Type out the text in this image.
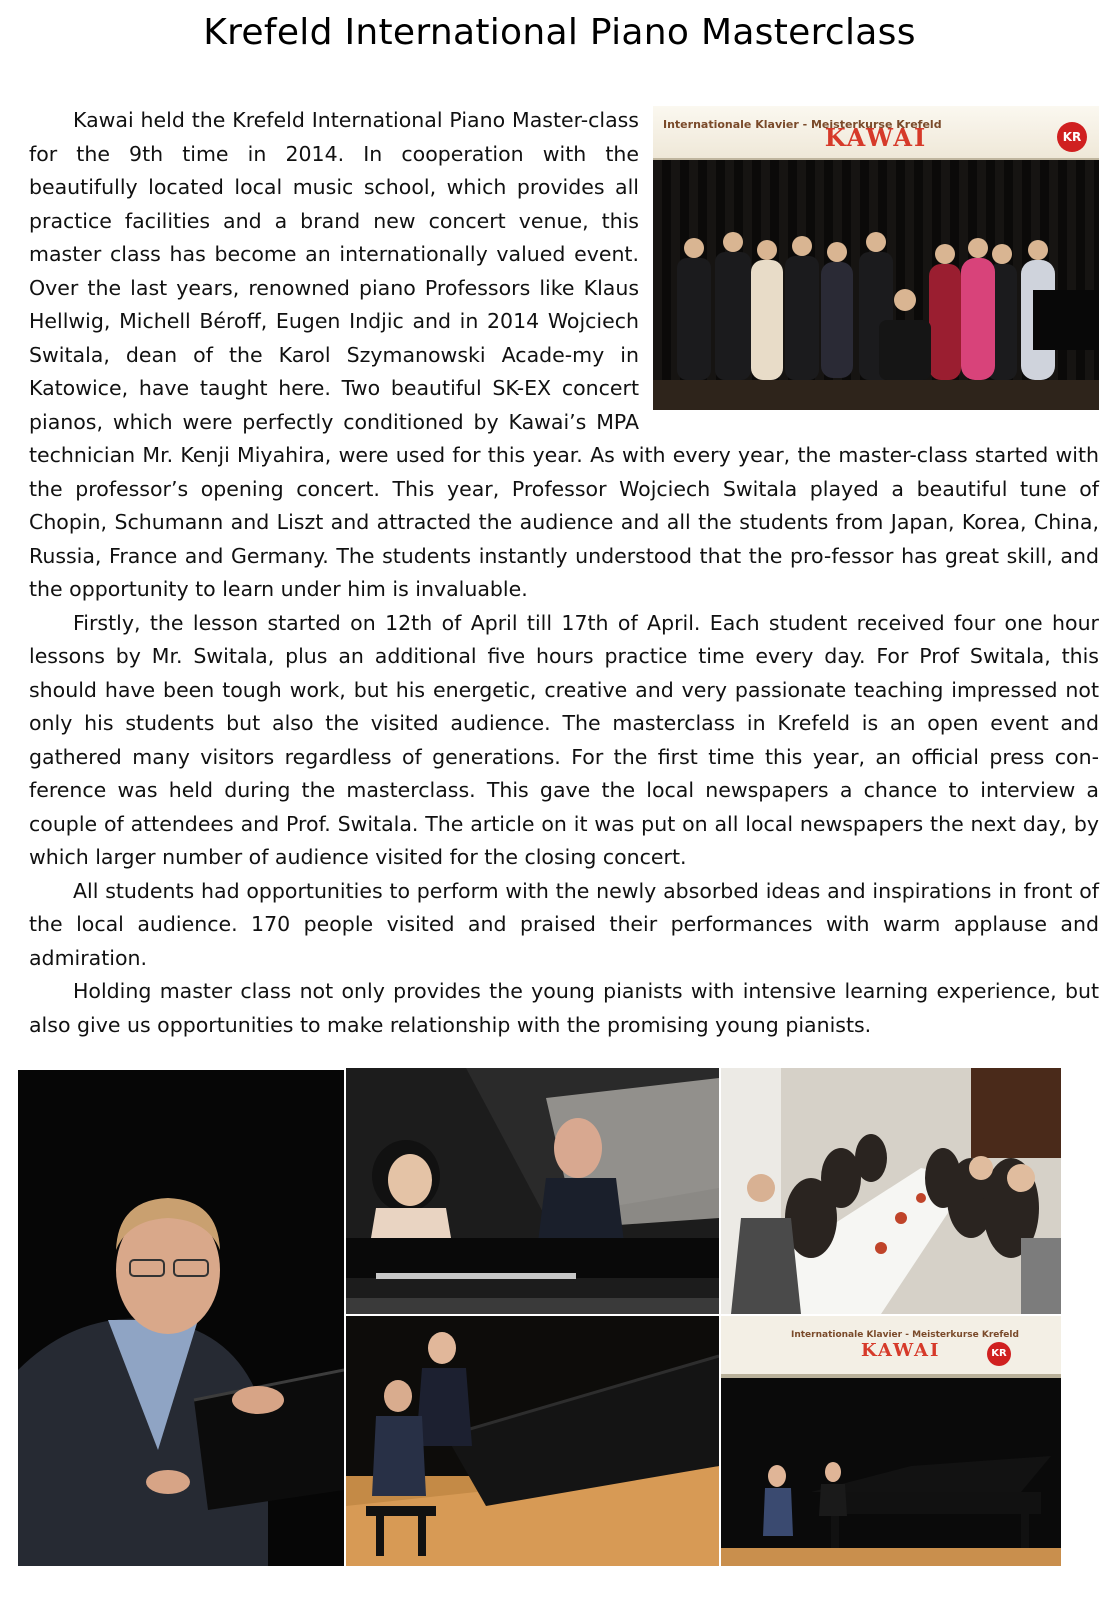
Krefeld International Piano Masterclass
Internationale Klavier - Meisterkurse Krefeld
KAWAI	KR

Kawai held the Krefeld International Piano Master-class for the 9th time in 2014. In cooperation with the beautifully located local music school, which provides all practice facilities and a brand new concert venue, this master class has become an internationally valued event. Over the last years, renowned piano Professors like Klaus Hellwig, Michell Béroff, Eugen Indjic and in 2014 Wojciech Switala, dean of the Karol Szymanowski Acade-my in Katowice, have taught here. Two beautiful SK-EX concert pianos, which were perfectly conditioned by Kawai’s MPA technician Mr. Kenji Miyahira, were used for this year. As with every year, the master-class started with the professor’s opening concert. This year, Professor Wojciech Switala played a beautiful tune of Chopin, Schumann and Liszt and attracted the audience and all the students from Japan, Korea, China, Russia, France and Germany. The students instantly understood that the pro-fessor has great skill, and the opportunity to learn under him is invaluable.

Firstly, the lesson started on 12th of April till 17th of April. Each student received four one hour lessons by Mr. Switala, plus an additional five hours practice time every day. For Prof Switala, this should have been tough work, but his energetic, creative and very passionate teaching impressed not only his students but also the visited audience. The masterclass in Krefeld is an open event and gathered many visitors regardless of generations. For the first time this year, an official press con-ference was held during the masterclass. This gave the local newspapers a chance to interview a couple of attendees and Prof. Switala. The article on it was put on all local newspapers the next day, by which larger number of audience visited for the closing concert.

All students had opportunities to perform with the newly absorbed ideas and inspirations in front of the local audience. 170 people visited and praised their performances with warm applause and admiration.

Holding master class not only provides the young pianists with intensive learning experience, but also give us opportunities to make relationship with the promising young pianists.

Internationale Klavier - Meisterkurse Krefeld
KAWAI	KR
